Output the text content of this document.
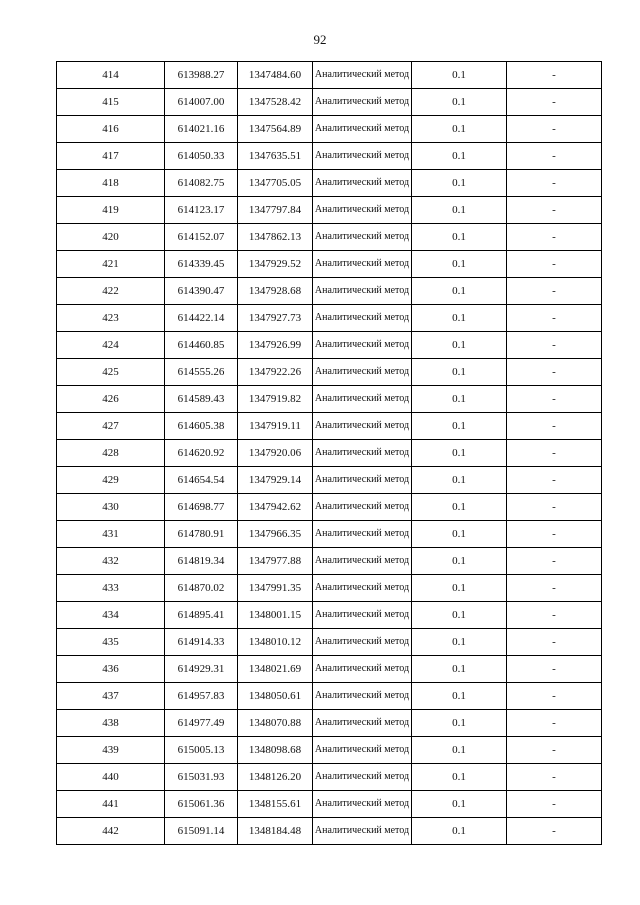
92
414	613988.27	1347484.60	Аналитический метод	0.1	-
415	614007.00	1347528.42	Аналитический метод	0.1	-
416	614021.16	1347564.89	Аналитический метод	0.1	-
417	614050.33	1347635.51	Аналитический метод	0.1	-
418	614082.75	1347705.05	Аналитический метод	0.1	-
419	614123.17	1347797.84	Аналитический метод	0.1	-
420	614152.07	1347862.13	Аналитический метод	0.1	-
421	614339.45	1347929.52	Аналитический метод	0.1	-
422	614390.47	1347928.68	Аналитический метод	0.1	-
423	614422.14	1347927.73	Аналитический метод	0.1	-
424	614460.85	1347926.99	Аналитический метод	0.1	-
425	614555.26	1347922.26	Аналитический метод	0.1	-
426	614589.43	1347919.82	Аналитический метод	0.1	-
427	614605.38	1347919.11	Аналитический метод	0.1	-
428	614620.92	1347920.06	Аналитический метод	0.1	-
429	614654.54	1347929.14	Аналитический метод	0.1	-
430	614698.77	1347942.62	Аналитический метод	0.1	-
431	614780.91	1347966.35	Аналитический метод	0.1	-
432	614819.34	1347977.88	Аналитический метод	0.1	-
433	614870.02	1347991.35	Аналитический метод	0.1	-
434	614895.41	1348001.15	Аналитический метод	0.1	-
435	614914.33	1348010.12	Аналитический метод	0.1	-
436	614929.31	1348021.69	Аналитический метод	0.1	-
437	614957.83	1348050.61	Аналитический метод	0.1	-
438	614977.49	1348070.88	Аналитический метод	0.1	-
439	615005.13	1348098.68	Аналитический метод	0.1	-
440	615031.93	1348126.20	Аналитический метод	0.1	-
441	615061.36	1348155.61	Аналитический метод	0.1	-
442	615091.14	1348184.48	Аналитический метод	0.1	-
